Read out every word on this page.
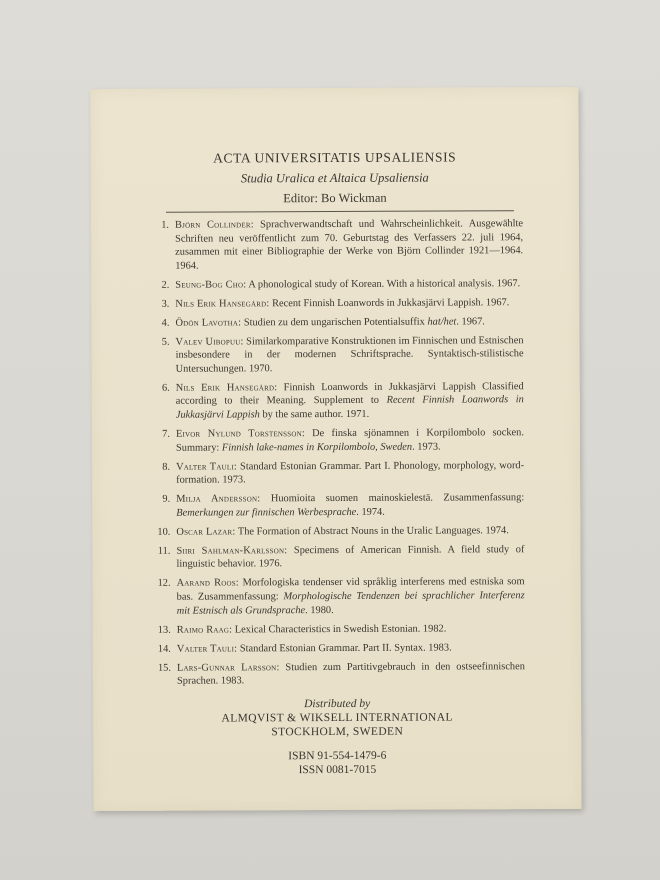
ACTA UNIVERSITATIS UPSALIENSIS
Studia Uralica et Altaica Upsaliensia
Editor: Bo Wickman
1. Björn Collinder: Sprachverwandtschaft und Wahrscheinlichkeit. Ausgewählte Schriften neu veröffentlicht zum 70. Geburtstag des Verfassers 22. juli 1964, zusammen mit einer Bibliographie der Werke von Björn Collinder 1921—1964. 1964.
2. Seung-Bog Cho: A phonological study of Korean. With a historical analysis. 1967.
3. Nils Erik Hansegård: Recent Finnish Loanwords in Jukkasjärvi Lappish. 1967.
4. Ödön Lavotha: Studien zu dem ungarischen Potentialsuffix hat/het. 1967.
5. Valev Uibopuu: Similarkomparative Konstruktionen im Finnischen und Estnischen insbesondere in der modernen Schriftsprache. Syntaktisch-stilistische Untersuchungen. 1970.
6. Nils Erik Hansegård: Finnish Loanwords in Jukkasjärvi Lappish Classified according to their Meaning. Supplement to Recent Finnish Loanwords in Jukkasjärvi Lappish by the same author. 1971.
7. Eivor Nylund Torstensson: De finska sjönamnen i Korpilombolo socken. Summary: Finnish lake-names in Korpilombolo, Sweden. 1973.
8. Valter Tauli: Standard Estonian Grammar. Part I. Phonology, morphology, word-formation. 1973.
9. Milja Andersson: Huomioita suomen mainoskielestä. Zusammenfassung: Bemerkungen zur finnischen Werbesprache. 1974.
10. Oscar Lazar: The Formation of Abstract Nouns in the Uralic Languages. 1974.
11. Siiri Sahlman-Karlsson: Specimens of American Finnish. A field study of linguistic behavior. 1976.
12. Aarand Roos: Morfologiska tendenser vid språklig interferens med estniska som bas. Zusammenfassung: Morphologische Tendenzen bei sprachlicher Interferenz mit Estnisch als Grundsprache. 1980.
13. Raimo Raag: Lexical Characteristics in Swedish Estonian. 1982.
14. Valter Tauli: Standard Estonian Grammar. Part II. Syntax. 1983.
15. Lars-Gunnar Larsson: Studien zum Partitivgebrauch in den ostseefinnischen Sprachen. 1983.
Distributed by
ALMQVIST & WIKSELL INTERNATIONAL
STOCKHOLM, SWEDEN
ISBN 91-554-1479-6
ISSN 0081-7015
